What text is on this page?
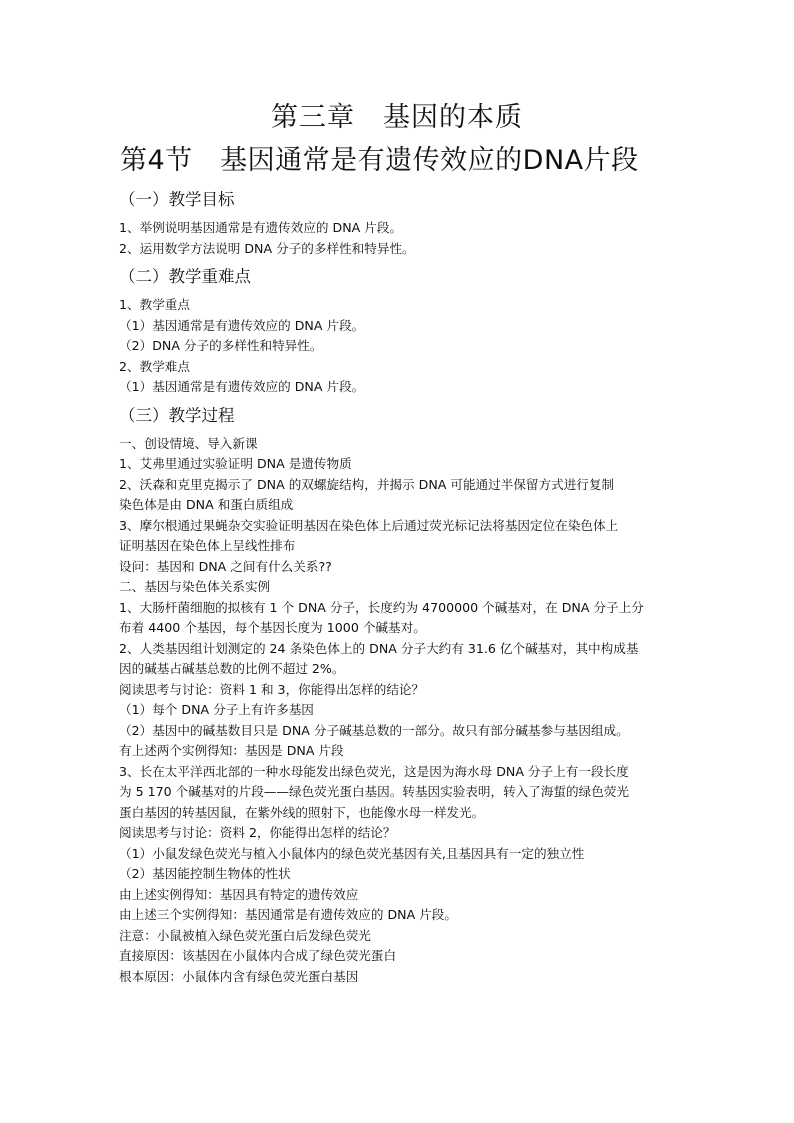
第三章　基因的本质
第4节　基因通常是有遗传效应的DNA片段
（一）教学目标
1、举例说明基因通常是有遗传效应的 DNA 片段。
2、运用数学方法说明 DNA 分子的多样性和特异性。
（二）教学重难点
1、教学重点
（1）基因通常是有遗传效应的 DNA 片段。
（2）DNA 分子的多样性和特异性。
2、教学难点
（1）基因通常是有遗传效应的 DNA 片段。
（三）教学过程
一、创设情境、导入新课
1、艾弗里通过实验证明 DNA 是遗传物质
2、沃森和克里克揭示了 DNA 的双螺旋结构，并揭示 DNA 可能通过半保留方式进行复制
染色体是由 DNA 和蛋白质组成
3、摩尔根通过果蝇杂交实验证明基因在染色体上后通过荧光标记法将基因定位在染色体上
证明基因在染色体上呈线性排布
设问：基因和 DNA 之间有什么关系??
二、基因与染色体关系实例
1、大肠杆菌细胞的拟核有 1 个 DNA 分子，长度约为 4700000 个碱基对，在 DNA 分子上分
布着 4400 个基因，每个基因长度为 1000 个碱基对。
2、人类基因组计划测定的 24 条染色体上的 DNA 分子大约有 31.6 亿个碱基对，其中构成基
因的碱基占碱基总数的比例不超过 2%。
阅读思考与讨论：资料 1 和 3，你能得出怎样的结论？
（1）每个 DNA 分子上有许多基因
（2）基因中的碱基数目只是 DNA 分子碱基总数的一部分。故只有部分碱基参与基因组成。
有上述两个实例得知：基因是 DNA 片段
3、长在太平洋西北部的一种水母能发出绿色荧光，这是因为海水母 DNA 分子上有一段长度
为 5 170 个碱基对的片段——绿色荧光蛋白基因。转基因实验表明，转入了海蜇的绿色荧光
蛋白基因的转基因鼠，在紫外线的照射下，也能像水母一样发光。
阅读思考与讨论：资料 2，你能得出怎样的结论？
（1）小鼠发绿色荧光与植入小鼠体内的绿色荧光基因有关,且基因具有一定的独立性
（2）基因能控制生物体的性状
由上述实例得知：基因具有特定的遗传效应
由上述三个实例得知：基因通常是有遗传效应的 DNA 片段。
注意：小鼠被植入绿色荧光蛋白后发绿色荧光
直接原因：该基因在小鼠体内合成了绿色荧光蛋白
根本原因：小鼠体内含有绿色荧光蛋白基因
